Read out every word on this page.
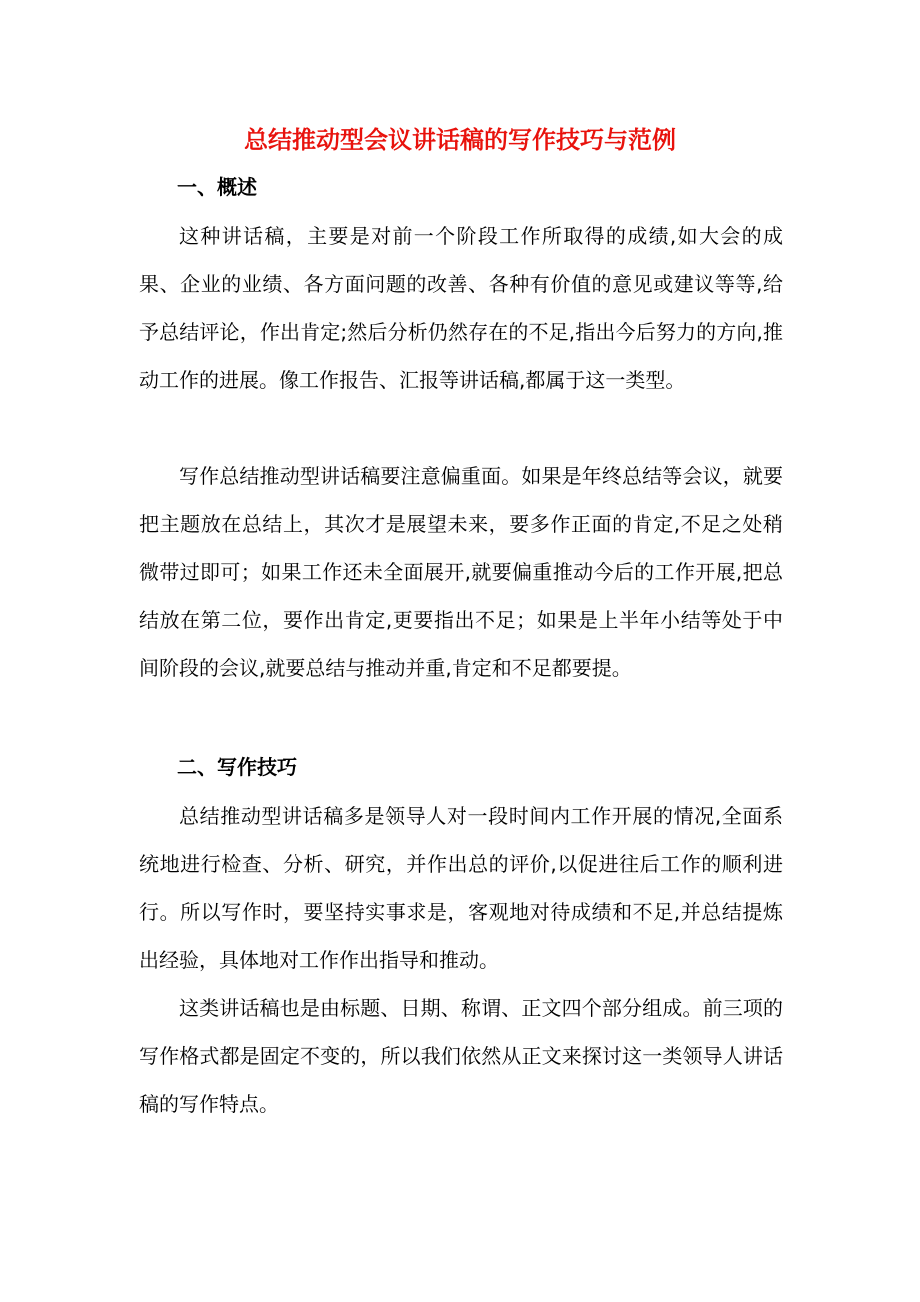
总结推动型会议讲话稿的写作技巧与范例
一、概述

这种讲话稿，主要是对前一个阶段工作所取得的成绩,如大会的成果、企业的业绩、各方面问题的改善、各种有价值的意见或建议等等,给予总结评论，作出肯定;然后分析仍然存在的不足,指出今后努力的方向,推动工作的进展。像工作报告、汇报等讲话稿,都属于这一类型。

写作总结推动型讲话稿要注意偏重面。如果是年终总结等会议，就要把主题放在总结上，其次才是展望未来，要多作正面的肯定,不足之处稍微带过即可；如果工作还未全面展开,就要偏重推动今后的工作开展,把总结放在第二位，要作出肯定,更要指出不足；如果是上半年小结等处于中间阶段的会议,就要总结与推动并重,肯定和不足都要提。

二、写作技巧

总结推动型讲话稿多是领导人对一段时间内工作开展的情况,全面系统地进行检查、分析、研究，并作出总的评价,以促进往后工作的顺利进行。所以写作时，要坚持实事求是，客观地对待成绩和不足,并总结提炼出经验，具体地对工作作出指导和推动。

这类讲话稿也是由标题、日期、称谓、正文四个部分组成。前三项的写作格式都是固定不变的，所以我们依然从正文来探讨这一类领导人讲话稿的写作特点。
